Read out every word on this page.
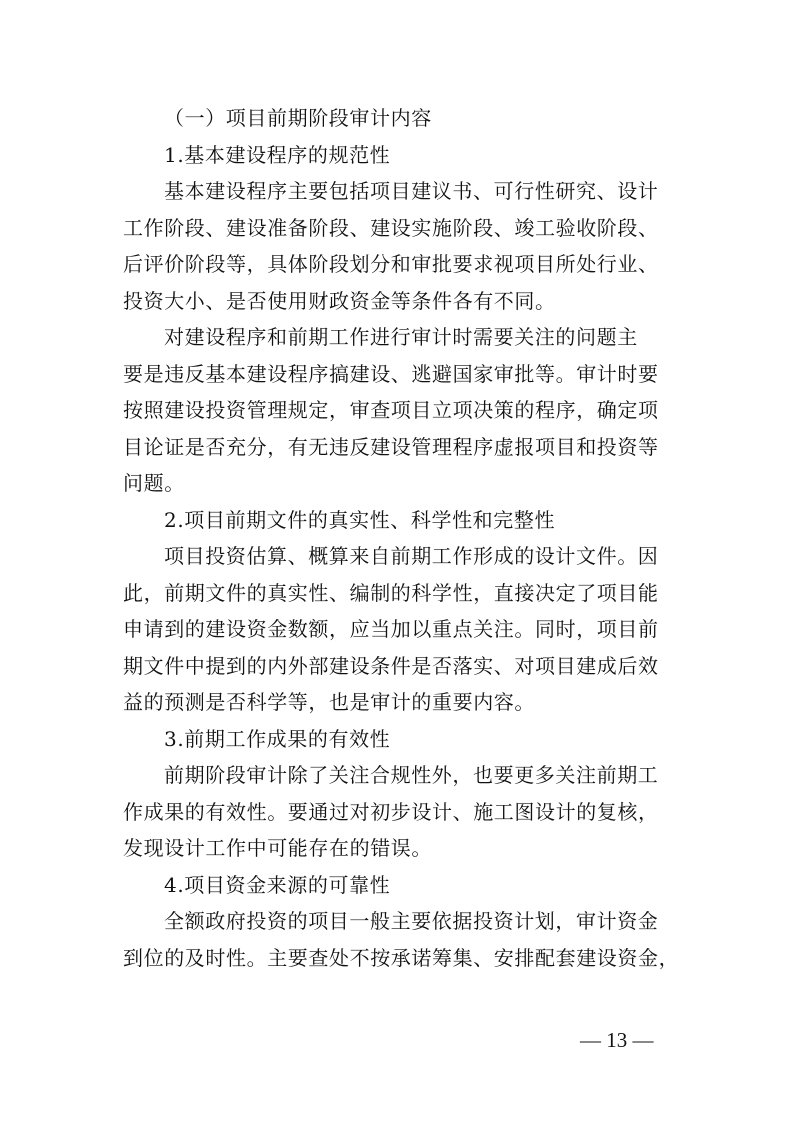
（一）项目前期阶段审计内容
1.基本建设程序的规范性
基本建设程序主要包括项目建议书、可行性研究、设计
工作阶段、建设准备阶段、建设实施阶段、竣工验收阶段、
后评价阶段等，具体阶段划分和审批要求视项目所处行业、
投资大小、是否使用财政资金等条件各有不同。
对建设程序和前期工作进行审计时需要关注的问题主
要是违反基本建设程序搞建设、逃避国家审批等。审计时要
按照建设投资管理规定，审查项目立项决策的程序，确定项
目论证是否充分，有无违反建设管理程序虚报项目和投资等
问题。
2.项目前期文件的真实性、科学性和完整性
项目投资估算、概算来自前期工作形成的设计文件。因
此，前期文件的真实性、编制的科学性，直接决定了项目能
申请到的建设资金数额，应当加以重点关注。同时，项目前
期文件中提到的内外部建设条件是否落实、对项目建成后效
益的预测是否科学等，也是审计的重要内容。
3.前期工作成果的有效性
前期阶段审计除了关注合规性外，也要更多关注前期工
作成果的有效性。要通过对初步设计、施工图设计的复核，
发现设计工作中可能存在的错误。
4.项目资金来源的可靠性
全额政府投资的项目一般主要依据投资计划，审计资金
到位的及时性。主要查处不按承诺筹集、安排配套建设资金，
— 13 —
